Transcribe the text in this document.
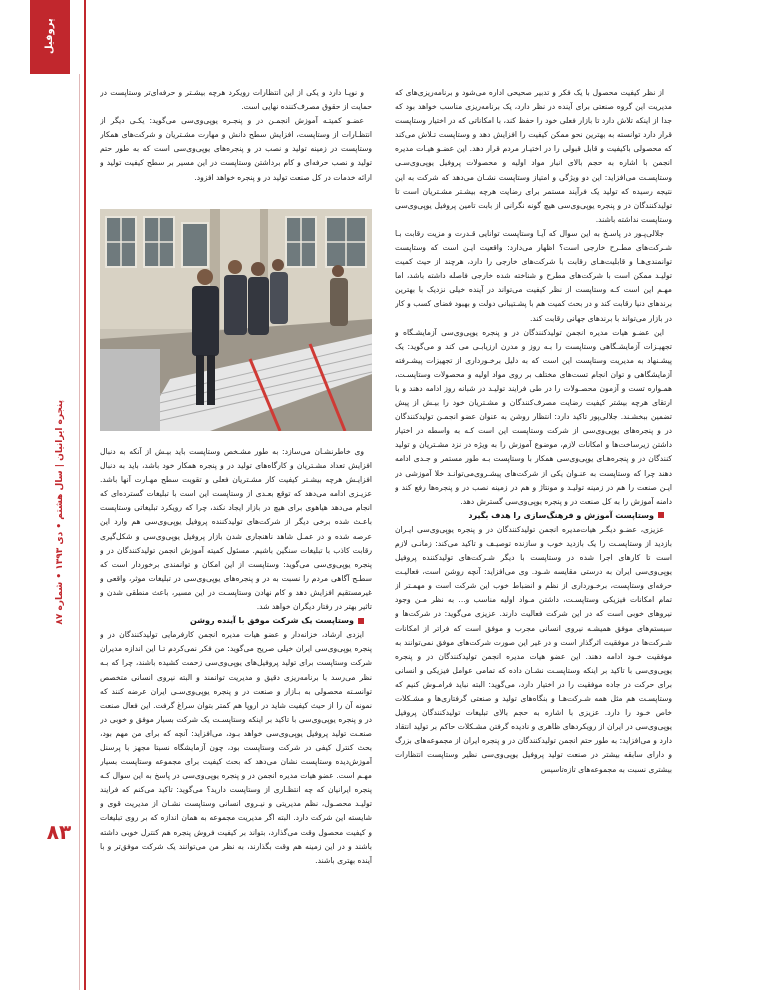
پروفیل
پنجره ایرانیان | سال هشتم • دی ۱۳۹۳ • شماره ۸۷
۸۳

از نظر کیفیت محصول با یک فکر و تدبیر صحیحی اداره می‌شود و برنامه‌ریزی‌های که مدیریت این گروه صنعتی برای آینده در نظر دارد، یک برنامه‌ریزی مناسب خواهد بود که جدا از اینکه تلاش دارد تا بازار فعلی خود را حفظ کند، با امکاناتی که در اختیار وستاپست قرار دارد توانسته به بهترین نحو ممکن کیفیت را افزایش دهد و وستاپست تـلاش می‌کند که محصولی باکیفیت و قابل قبولی را در اختیـار مردم قرار دهد. این عضـو هیـات مدیره انجمن با اشاره به حجم بالای انبار مواد اولیه و محصولات پروفیل یو‌پی‌وی‌سـی وستاپسـت می‌افزاید: این دو ویژگی و امتیاز وستاپست نشـان می‌دهد که شرکت به این نتیجه رسیده که تولید یک فرآیند مستمر برای رضایت هرچه بیشـتر مشـتریان است تا تولیدکنندگان در و پنجره یو‌پی‌وی‌سی هیچ گونه نگرانی از بابت تامین پروفیل یو‌پی‌وی‌سی وستاپست نداشته باشند.

جلالی‌پـور در پاسـخ به این سوال که آیـا وستاپست توانایی قـدرت و مزیت رقابت بـا شـرکت‌های مطـرح خارجی است؟ اظهار می‌دارد: واقعیت ایـن است که وستاپست توانمندی‌هـا و قابلیت‌هـای رقابت با شرکت‌های خارجی را دارد، هرچند از حیث کمیت تولیـد ممکن است با شرکت‌های مطرح و شناخته شده خارجی فاصله داشته باشد، اما مهـم این است کـه وستاپست از نظر کیفیت می‌تواند در آینده خیلی نزدیک با بهترین برندهای دنیا رقابت کند و در بحث کمیت هم با پشـتیبانی دولت و بهبود فضای کسب و کار در بازار می‌تواند با برندهای جهانی رقابت کند.

این عضـو هیات مدیره انجمن تولیدکنندگان در و پنجره یو‌پی‌وی‌سی آزمایشـگاه و تجهیـزات آزمایشـگاهی وستاپست را بـه روز و مدرن ارزیابـی می کند و می‌گوید: یک پیشـنهاد به مدیریت وستاپست این است که به دلیل برخـورداری از تجهیزات پیشـرفته آزمایشگاهی و توان انجام تست‌های مختلف بر روی مواد اولیه و محصولات وستاپسـت، همـواره تست و آزمون محصـولات را در طی فرایند تولیـد در شبانه روز ادامه دهند و با ارتقای هرچه بیشتر کیفیت رضایت مصرف‌کنندگان و مشـتریان خود را بیـش از پیش تضمین ببخشـند. جلالی‌پور تاکید دارد: انتظار روشن به عنوان عضو انجمـن تولیدکنندگان در و پنجره‌های یو‌پی‌وی‌سی از شرکت وستاپست این است کـه به واسطه در اختیار داشتن زیرساخت‌ها و امکانات لازم، موضوع آموزش را به ویژه در نزد مشـتریان و تولید کنندگان در و پنجره‌هـای یو‌پی‌وی‌سی همکار با وستاپست بـه طور مستمر و جـدی ادامه دهند چرا که وستاپست به عنـوان یکی از شرکت‌های پیشـروی‌می‌توانـد خلا آموزشی در ایـن صنعت را هم در زمینه تولیـد و مونتاژ و هم در زمینه نصب در و پنجره‌ها رفع کند و دامنه آموزش را به کل صنعت در و پنجره یو‌پی‌وی‌سی گسترش دهد.

وستاپست آموزش و فرهنگ‌سازی را هدف بگیرد

عزیزی، عضـو دیگـر هیات‌مدیره انجمن تولیدکنندگان در و پنجره یو‌پی‌وی‌سی ایـران بازدید از وستاپسـت را یک بازدید خوب و سازنده توصیـف و تاکید می‌کند: زمانـی لازم است تا کارهای اجرا شده در وستاپست با دیگر شـرکت‌های تولیدکننده پروفیل یو‌پی‌وی‌سی ایران به درستی مقایسه شـود. وی می‌افزاید: آنچه روشن است، فعالیـت حرفه‌ای وستاپست، برخـورداری از نظم و انضباط خوب این شرکت است و مهمـتر از تمام امکانات فیزیکی وستاپسـت، داشتن مـواد اولیه مناسب و... به نظر مـن وجود نیروهای خوبی است که در این شرکت فعالیت دارند. عزیزی می‌گوید: در شرکت‌ها و سیستم‌های موفق همیشـه نیروی انسانی مجرب و موفق است که فراتر از امکانات شـرکت‌ها در موفقیت اثرگذار است و در غیر این صورت شرکت‌های موفق نمی‌توانند به موفقیت خـود ادامه دهند. این عضو هیات مدیره انجمن تولیدکنندگان در و پنجره یو‌پی‌وی‌سی با تاکید بر اینکه وستاپسـت نشـان داده که تمامی عوامل فیزیکی و انسانی برای حرکت در جاده موفقیت را در اختیار دارد، می‌گوید: البته نباید فرامـوش کنیم که وستاپسـت هم مثل همه شـرکت‌هـا و بنگاه‌های تولید و صنعتی گرفتاری‌ها و مشـکلات خاص خـود را دارد. عزیزی با اشاره به حجم بالای تبلیغات تولیدکنندگان پروفیل یو‌پی‌وی‌سی در ایران از رویکردهای ظاهری و نادیده گرفتن مشـکلات حاکم بر تولید انتقاد دارد و می‌افزاید: به طور حتم انجمن تولیدکنندگان در و پنجره ایران از مجموعه‌های بزرگ و دارای سابقه بیشتر در صنعت تولید پروفیل یو‌پی‌وی‌سی نظیر وستاپست انتظارات بیشتری نسبت به مجموعه‌های تازه‌تاسیس

و نوپـا دارد و یکی از این انتظارات رویکرد هرچه بیشـتر و حرفه‌ای‌تر وستاپست در حمایت از حقوق مصرف‌کننده نهایی است.

عضـو کمیتـه آموزش انجمـن در و پنجـره یو‌پی‌وی‌سی می‌گوید: یکـی دیگر از انتظـارات از وستاپست، افزایش سطح دانش و مهارت مشـتریان و شرکت‌های همکار وستاپست در زمینه تولید و نصب در و پنجره‌های یو‌پی‌وی‌سی است که به طور حتم تولید و نصب حرفه‌ای و کام برداشتن وستاپست در این مسیر بر سطح کیفیت تولید و ارائه خدمات در کل صنعت تولید در و پنجره خواهد افزود.

وی خاطرنشـان می‌سازد: به طور مشـخص وستاپست باید بیـش از آنکه به دنبال افزایش تعداد مشـتریان و کارگاه‌های تولید در و پنجره همکار خود باشد، باید به دنبال افزایـش هرچه بیشـتر کیفیت کار مشـتریان فعلی و تقویت سطح مهـارت آنها باشد. عزیـزی ادامه می‌دهد که توقع بعـدی از وستاپست این است با تبلیغات گسترده‌ای که انجام می‌دهد هیاهوی برای هیچ در بازار ایجاد نکند، چرا که رویکرد تبلیغاتی وستاپست باعـث شده برخی دیگر از شرکت‌های تولیدکننده پروفیل یو‌پی‌وی‌سی هم وارد این عرصه شده و در عمـل شاهد ناهنجاری شدن بازار پروفیل یو‌پی‌وی‌سی و شکل‌گیری رقابت کاذب با تبلیغات سنگین باشیم. مسئول کمیته آموزش انجمن تولیدکنندگان در و پنجره یو‌پی‌وی‌سی می‌گوید: وستاپست از این امکان و توانمندی برخوردار است که سطـح آگاهی مردم را نسبت به در و پنجره‌های یو‌پی‌وی‌سی در تبلیغات موثر، واقعی و غیرمستقیم افزایش دهد و کام نهادن وستاپسـت در این مسیر، باعث منطقی شدن و تاثیر بهتر در رفتار دیگران خواهد شد.

وستاپست یک شرکت موفق با آینده روشن

ایزدی ارشاد، خزانه‌دار و عضو هیات مدیره انجمن کارفرمایی تولیدکنندگان در و پنجره یو‌پی‌وی‌سی ایران خیلی صریح می‌گوید: من فکر نمی‌کردم تـا این اندازه مدیران شرکت وستاپست برای تولید پروفیل‌های یو‌پی‌وی‌سی زحمت کشیده باشند، چرا که بـه نظر می‌رسد با برنامه‌ریزی دقیق و مدیریت توانمند و البته نیروی انسانی متخصص توانسـته محصولی به بـازار و صنعت در و پنجره یو‌پی‌وی‌سـی ایران عرضه کنند که نمونه آن را از حیث کیفیت شاید در اروپا هم کمتر بتوان سراغ گرفت. این فعال صنعت در و پنجره یو‌پی‌وی‌سی با تاکید بر اینکه وستاپسـت یک شرکت بسیار موفق و خوبی در صنعـت تولید پروفیل یو‌پی‌وی‌سی خواهد بـود، می‌افزاید: آنچه که برای من مهم بود، بحث کنترل کیفی در شرکت وستاپست بود، چون آزمایشگاه نسبتا مجهز با پرسنل آموزش‌دیده وستاپست نشان می‌دهد که بحث کیفیت برای مجموعه وستاپست بسیار مهـم است. عضو هیات مدیره انجمن در و پنجره یو‌پی‌وی‌سی در پاسخ به این سوال کـه پنجره ایرانیان که چه انتظـاری از وستاپست دارید؟ می‌گوید: تاکید می‌کنم که فرایند تولیـد محصـول، نظم مدیریتی و نیـروی انسانی وستاپست نشـان از مدیریت قوی و شایسته این شرکت دارد. البته اگر مدیریت مجموعه به همان اندازه که بر روی تبلیغات و کیفیت محصول وقت می‌گذارد، بتواند بر کیفیت فروش پنجره هم کنترل خوبی داشته باشند و در این زمینه هم وقت بگذارند، به نظر من می‌توانند یک شرکت موفق‌تر و با آینده بهتری باشند.
